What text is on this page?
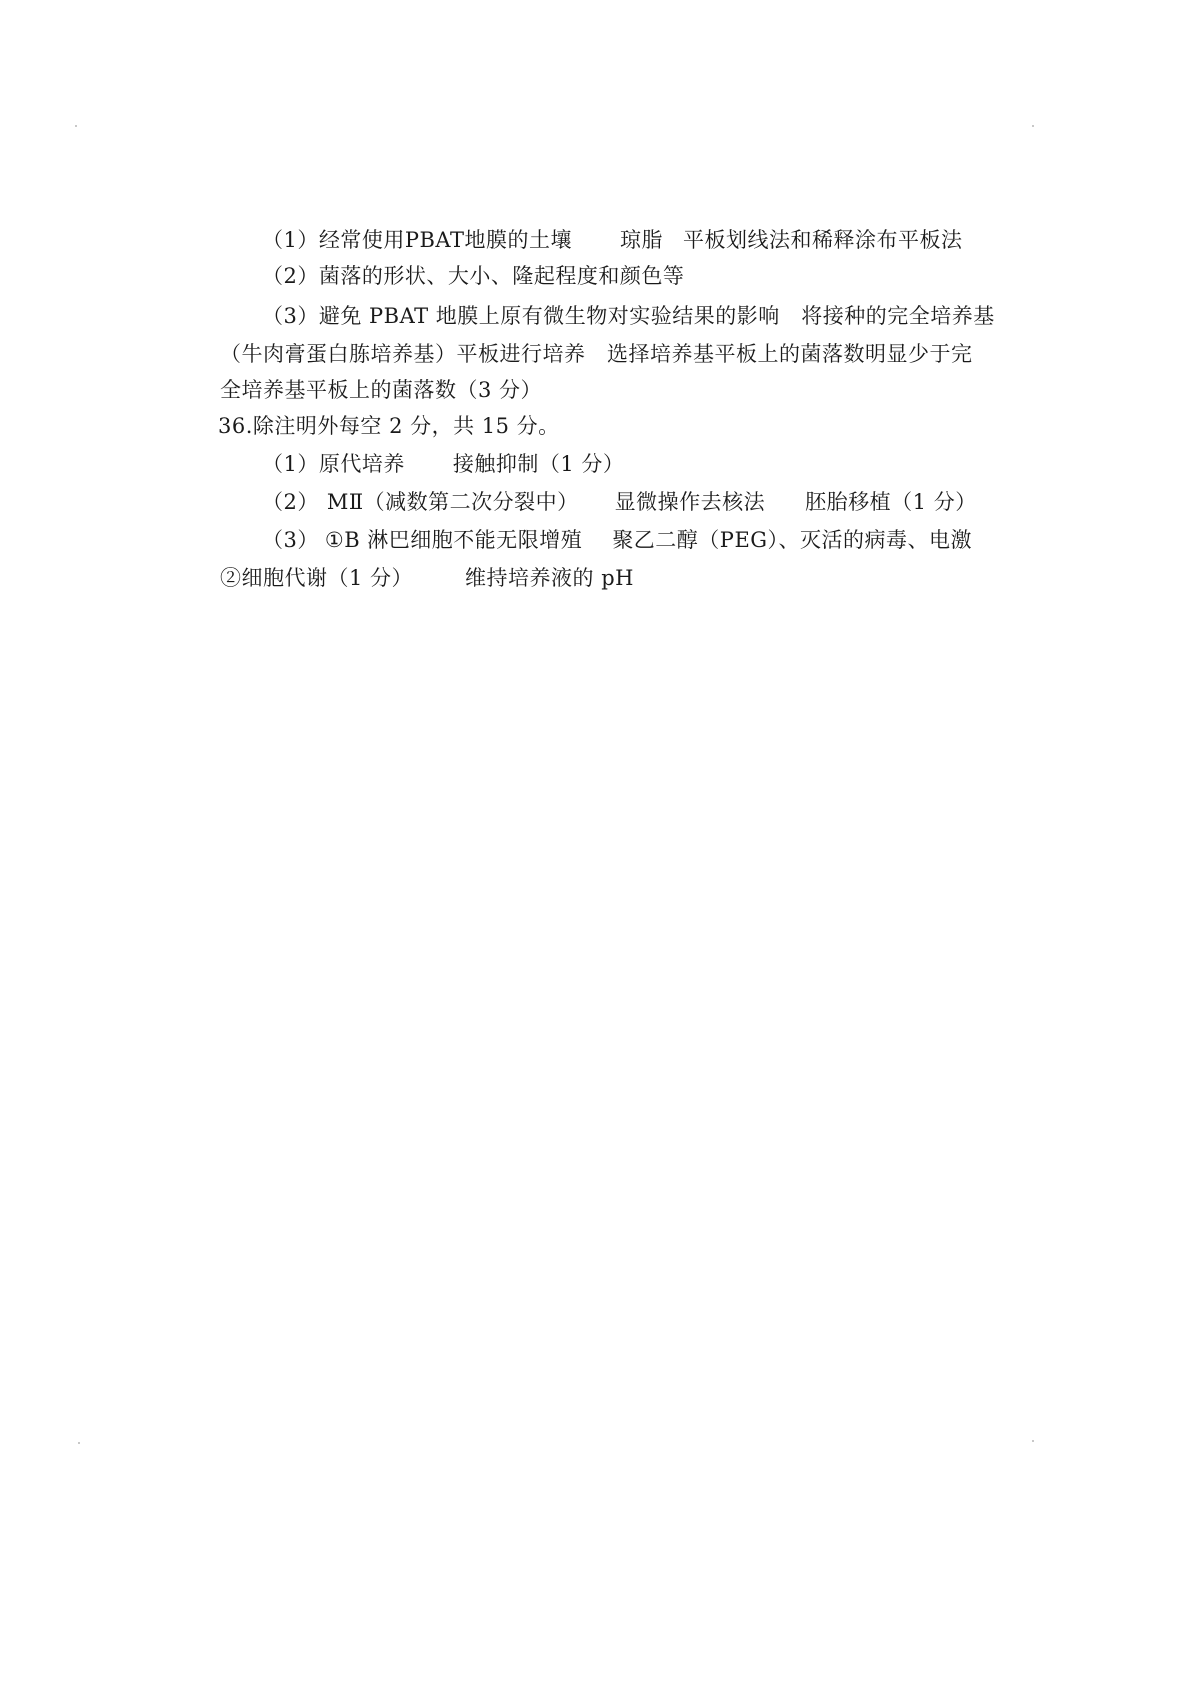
（1）经常使用PBAT地膜的土壤 琼脂 平板划线法和稀释涂布平板法
（2）菌落的形状、大小、隆起程度和颜色等
（3）避免 PBAT 地膜上原有微生物对实验结果的影响　将接种的完全培养基
（牛肉膏蛋白胨培养基）平板进行培养　选择培养基平板上的菌落数明显少于完
全培养基平板上的菌落数（3 分）
36.除注明外每空 2 分，共 15 分。
（1）原代培养 接触抑制（1 分）
（2） MⅡ（减数第二次分裂中） 显微操作去核法 胚胎移植（1 分）
（3） ①B 淋巴细胞不能无限增殖 聚乙二醇（PEG）、灭活的病毒、电激
②细胞代谢（1 分） 维持培养液的 pH
